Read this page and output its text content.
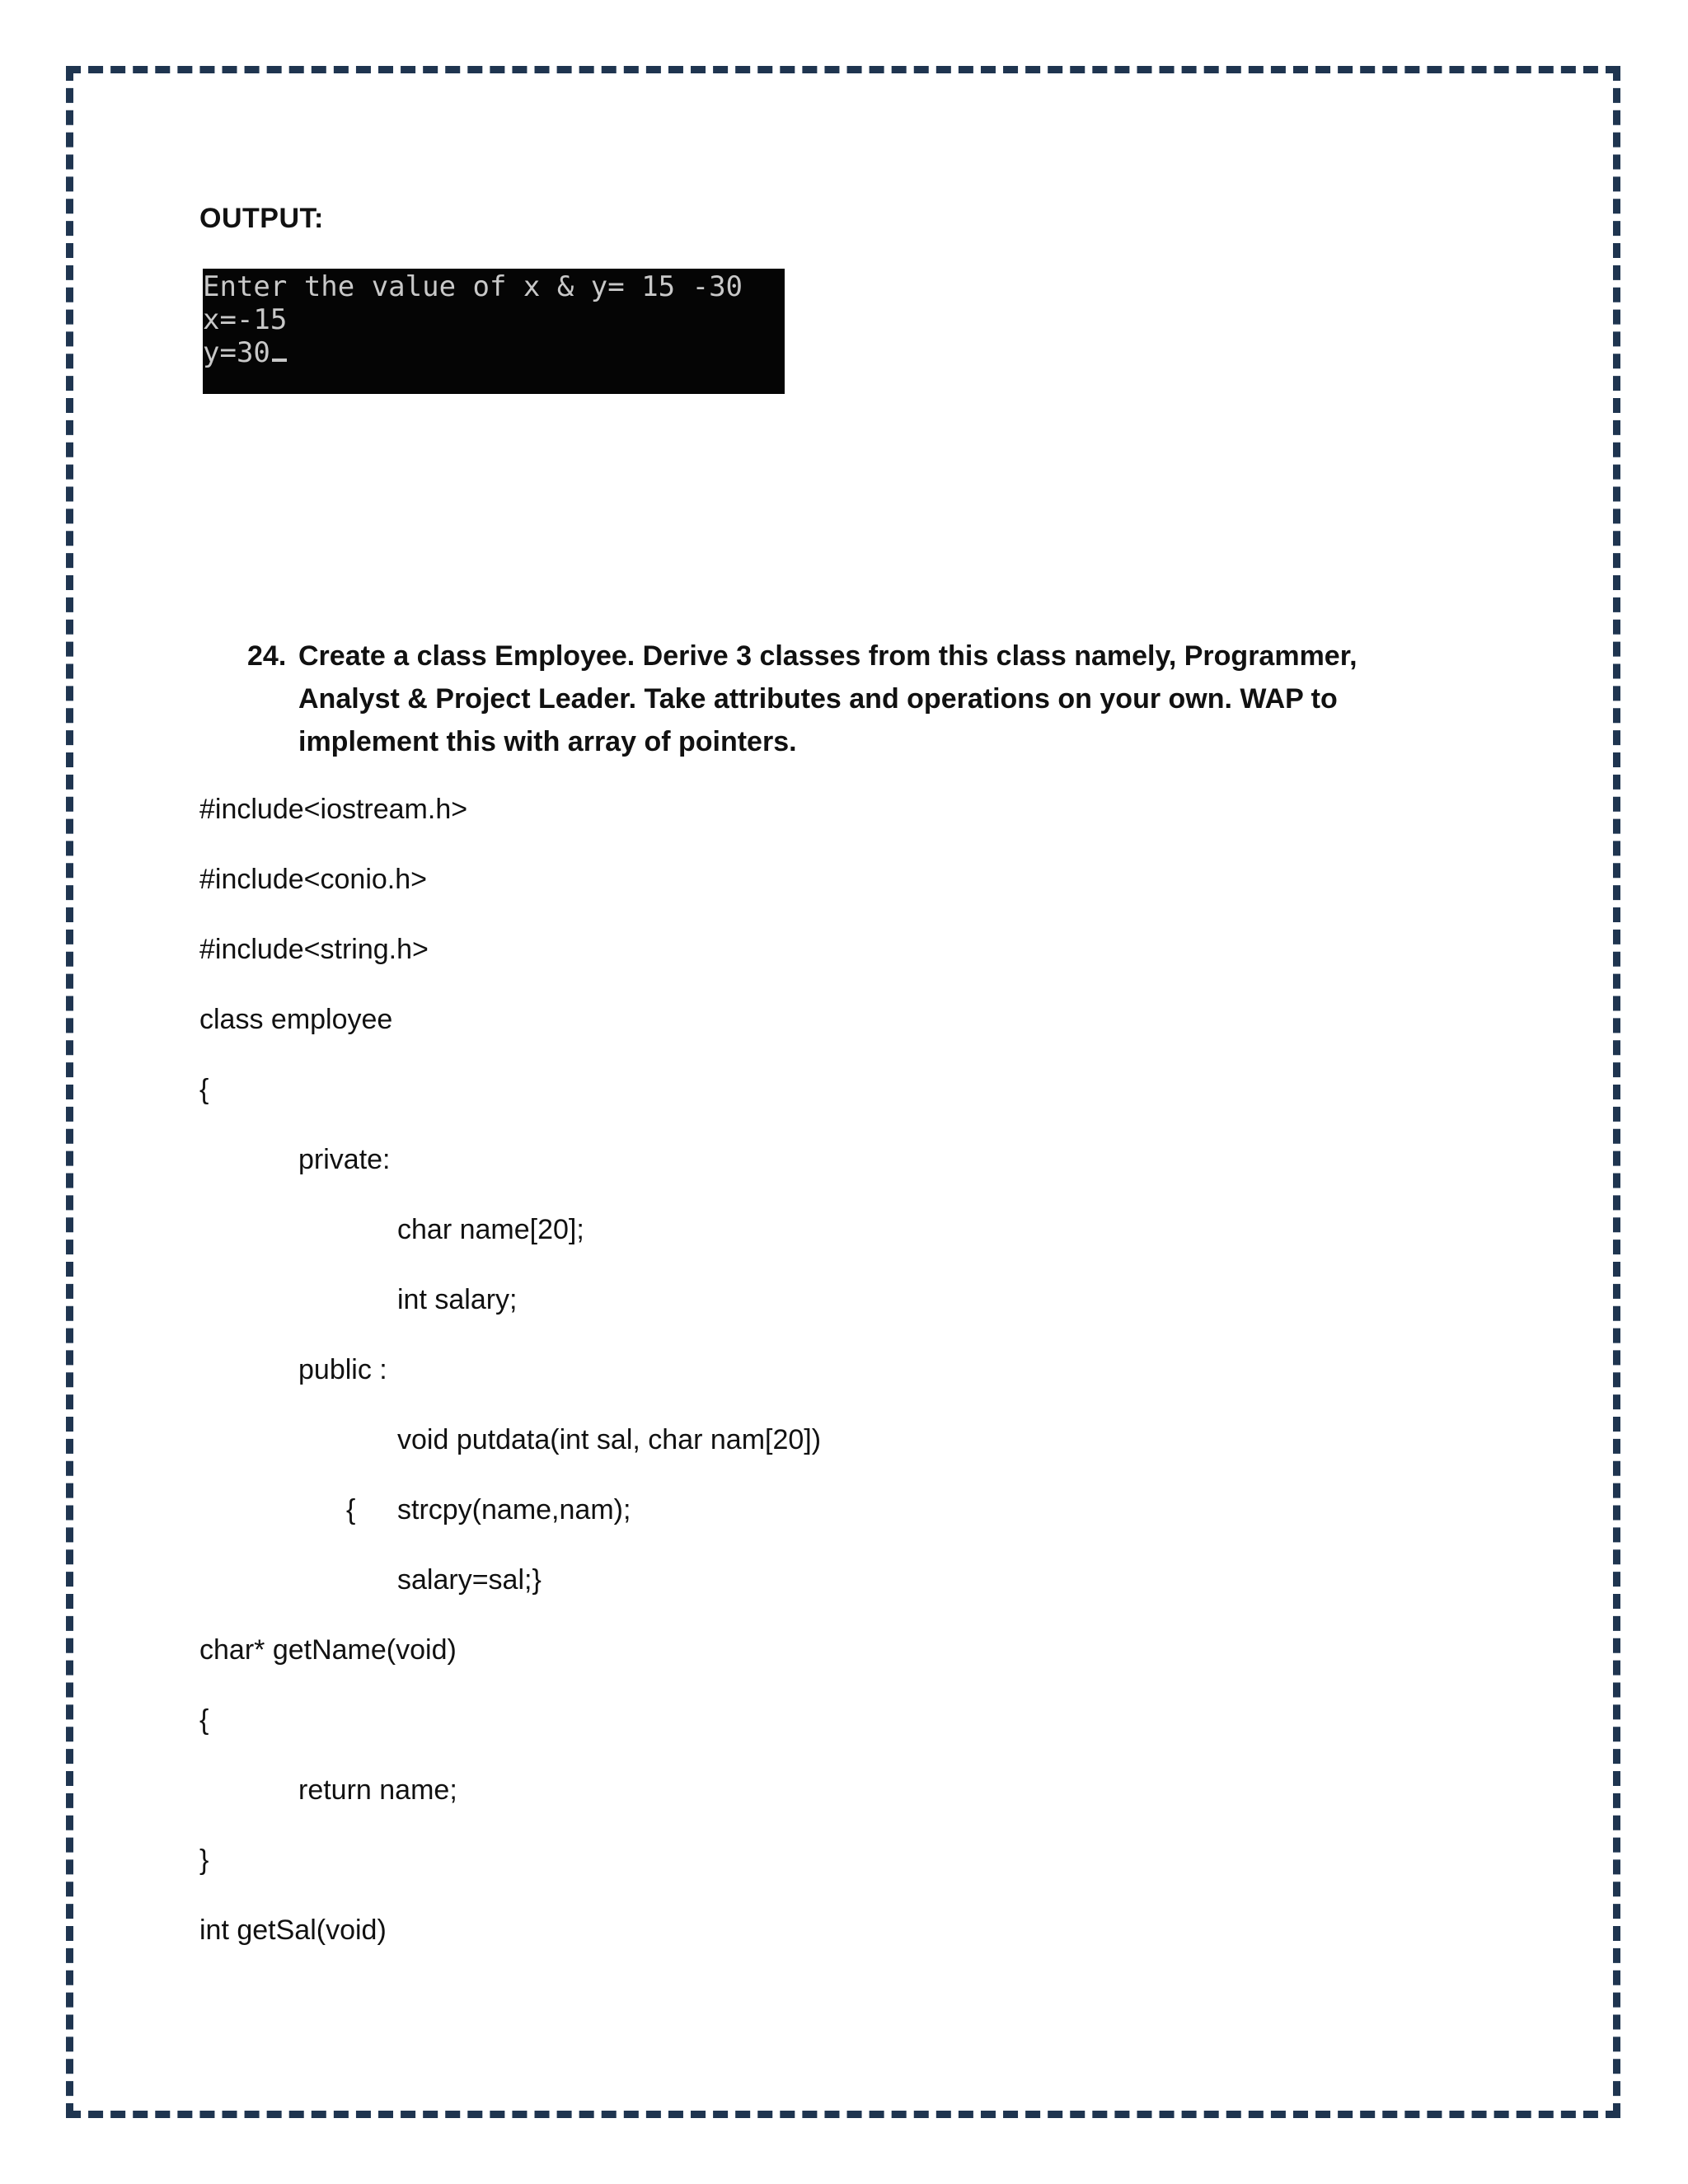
OUTPUT:
Enter the value of x & y= 15 -30
x=-15
y=30
24. Create a class Employee. Derive 3 classes from this class namely, Programmer, Analyst & Project Leader. Take attributes and operations on your own. WAP to implement this with array of pointers.
#include<iostream.h>
#include<conio.h>
#include<string.h>
class employee
{
private:
char name[20];
int salary;
public :
void putdata(int sal, char nam[20])
{ strcpy(name,nam);
salary=sal;}
char* getName(void)
{
return name;
}
int getSal(void)
